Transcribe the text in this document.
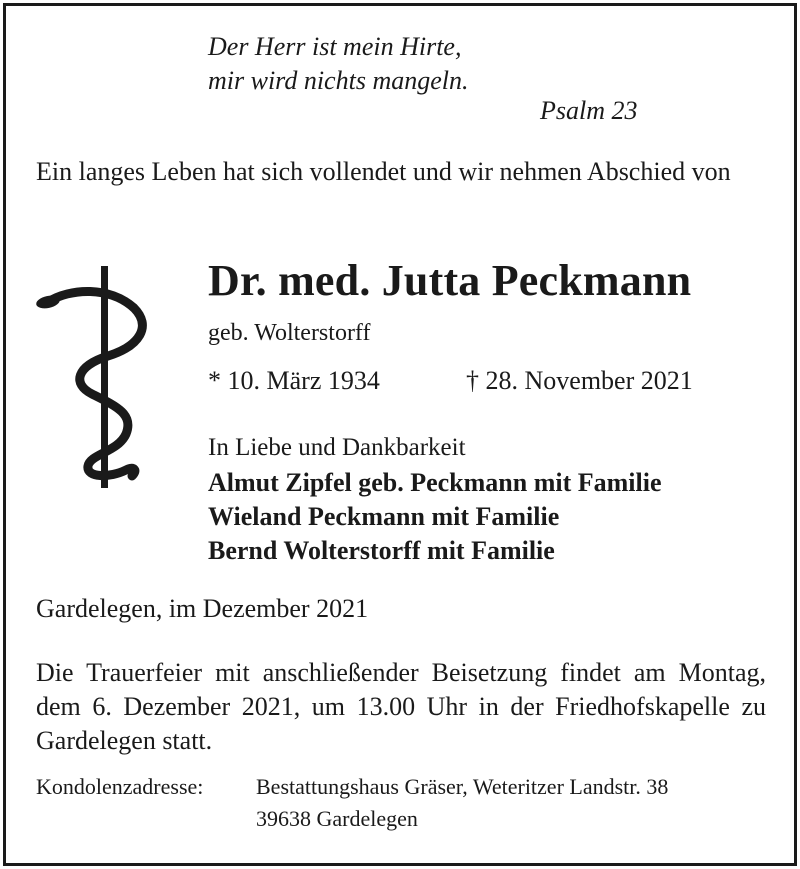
Der Herr ist mein Hirte,
mir wird nichts mangeln.
Psalm 23
Ein langes Leben hat sich vollendet und wir nehmen Abschied von
Dr. med. Jutta Peckmann
geb. Wolterstorff
* 10. März 1934	† 28. November 2021
In Liebe und Dankbarkeit
Almut Zipfel geb. Peckmann mit Familie
Wieland Peckmann mit Familie
Bernd Wolterstorff mit Familie
Gardelegen, im Dezember 2021
Die Trauerfeier mit anschließender Beisetzung findet am Montag, dem 6. Dezember 2021, um 13.00 Uhr in der Friedhofskapelle zu Gardelegen statt.
Kondolenzadresse: Bestattungshaus Gräser, Weteritzer Landstr. 38
39638 Gardelegen
